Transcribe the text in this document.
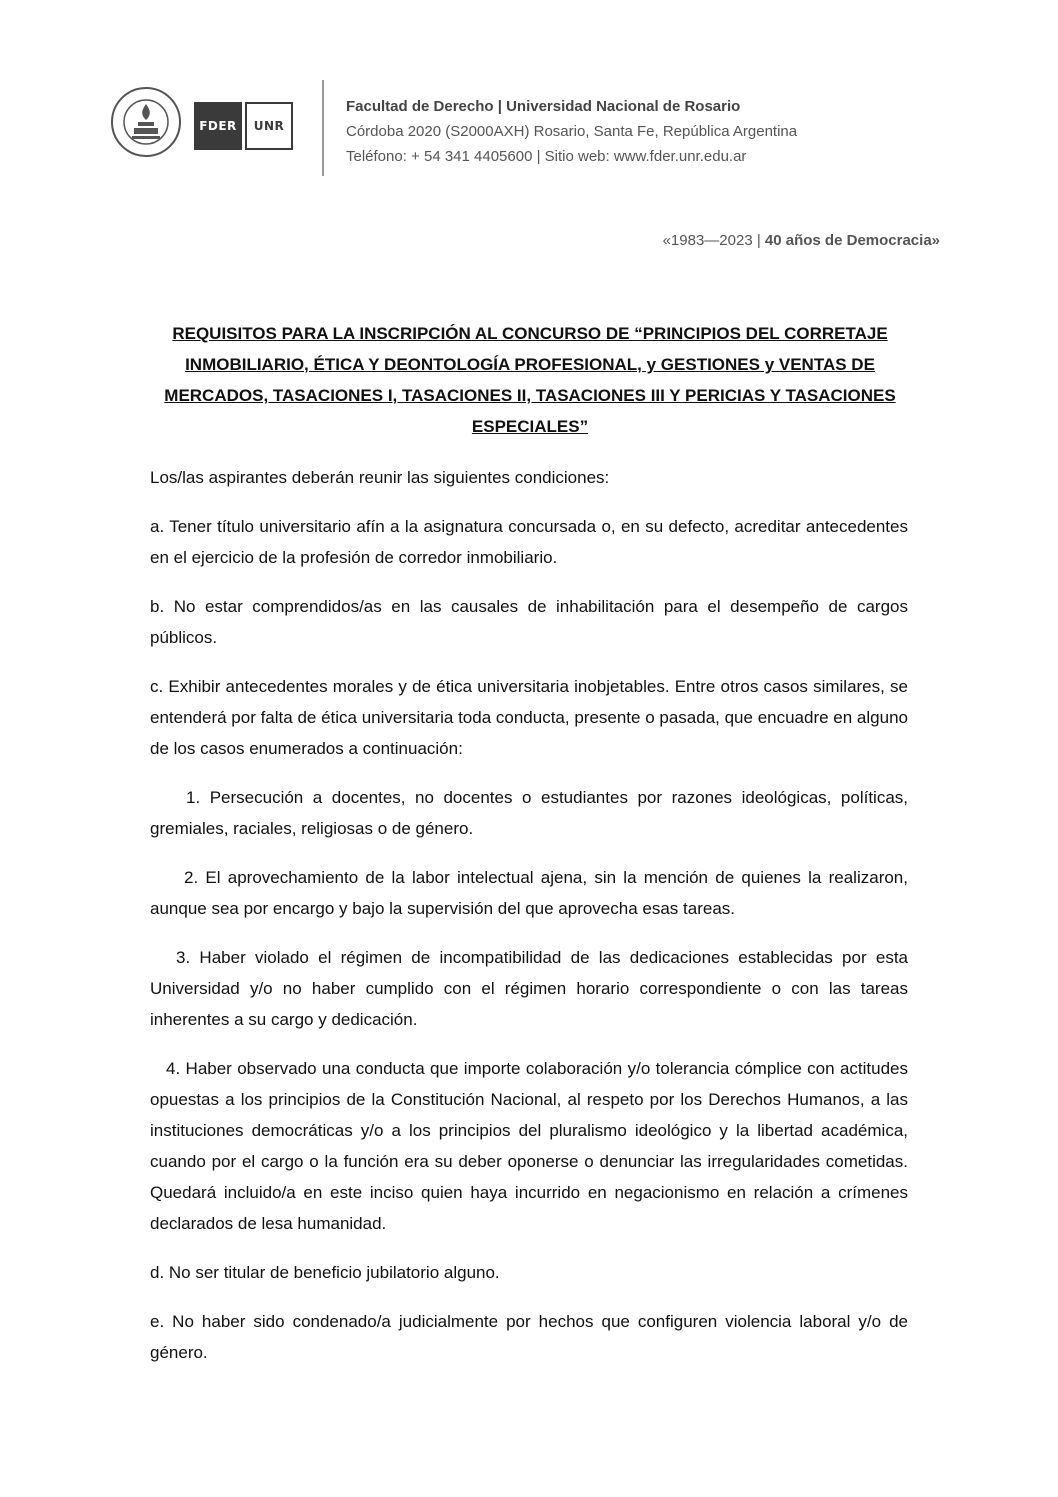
FDER	UNR
Facultad de Derecho | Universidad Nacional de Rosario
Córdoba 2020 (S2000AXH) Rosario, Santa Fe, República Argentina
Teléfono: + 54 341 4405600 | Sitio web: www.fder.unr.edu.ar
«1983—2023 | 40 años de Democracia»
REQUISITOS PARA LA INSCRIPCIÓN AL CONCURSO DE “PRINCIPIOS DEL CORRETAJE INMOBILIARIO, ÉTICA Y DEONTOLOGÍA PROFESIONAL, y GESTIONES y VENTAS DE MERCADOS, TASACIONES I, TASACIONES II, TASACIONES III Y PERICIAS Y TASACIONES ESPECIALES”

Los/las aspirantes deberán reunir las siguientes condiciones:

a. Tener título universitario afín a la asignatura concursada o, en su defecto, acreditar antecedentes en el ejercicio de la profesión de corredor inmobiliario.

b. No estar comprendidos/as en las causales de inhabilitación para el desempeño de cargos públicos.

c. Exhibir antecedentes morales y de ética universitaria inobjetables. Entre otros casos similares, se entenderá por falta de ética universitaria toda conducta, presente o pasada, que encuadre en alguno de los casos enumerados a continuación:

1. Persecución a docentes, no docentes o estudiantes por razones ideológicas, políticas, gremiales, raciales, religiosas o de género.

2. El aprovechamiento de la labor intelectual ajena, sin la mención de quienes la realizaron, aunque sea por encargo y bajo la supervisión del que aprovecha esas tareas.

3. Haber violado el régimen de incompatibilidad de las dedicaciones establecidas por esta Universidad y/o no haber cumplido con el régimen horario correspondiente o con las tareas inherentes a su cargo y dedicación.

4. Haber observado una conducta que importe colaboración y/o tolerancia cómplice con actitudes opuestas a los principios de la Constitución Nacional, al respeto por los Derechos Humanos, a las instituciones democráticas y/o a los principios del pluralismo ideológico y la libertad académica, cuando por el cargo o la función era su deber oponerse o denunciar las irregularidades cometidas. Quedará incluido/a en este inciso quien haya incurrido en negacionismo en relación a crímenes declarados de lesa humanidad.

d. No ser titular de beneficio jubilatorio alguno.

e. No haber sido condenado/a judicialmente por hechos que configuren violencia laboral y/o de género.
